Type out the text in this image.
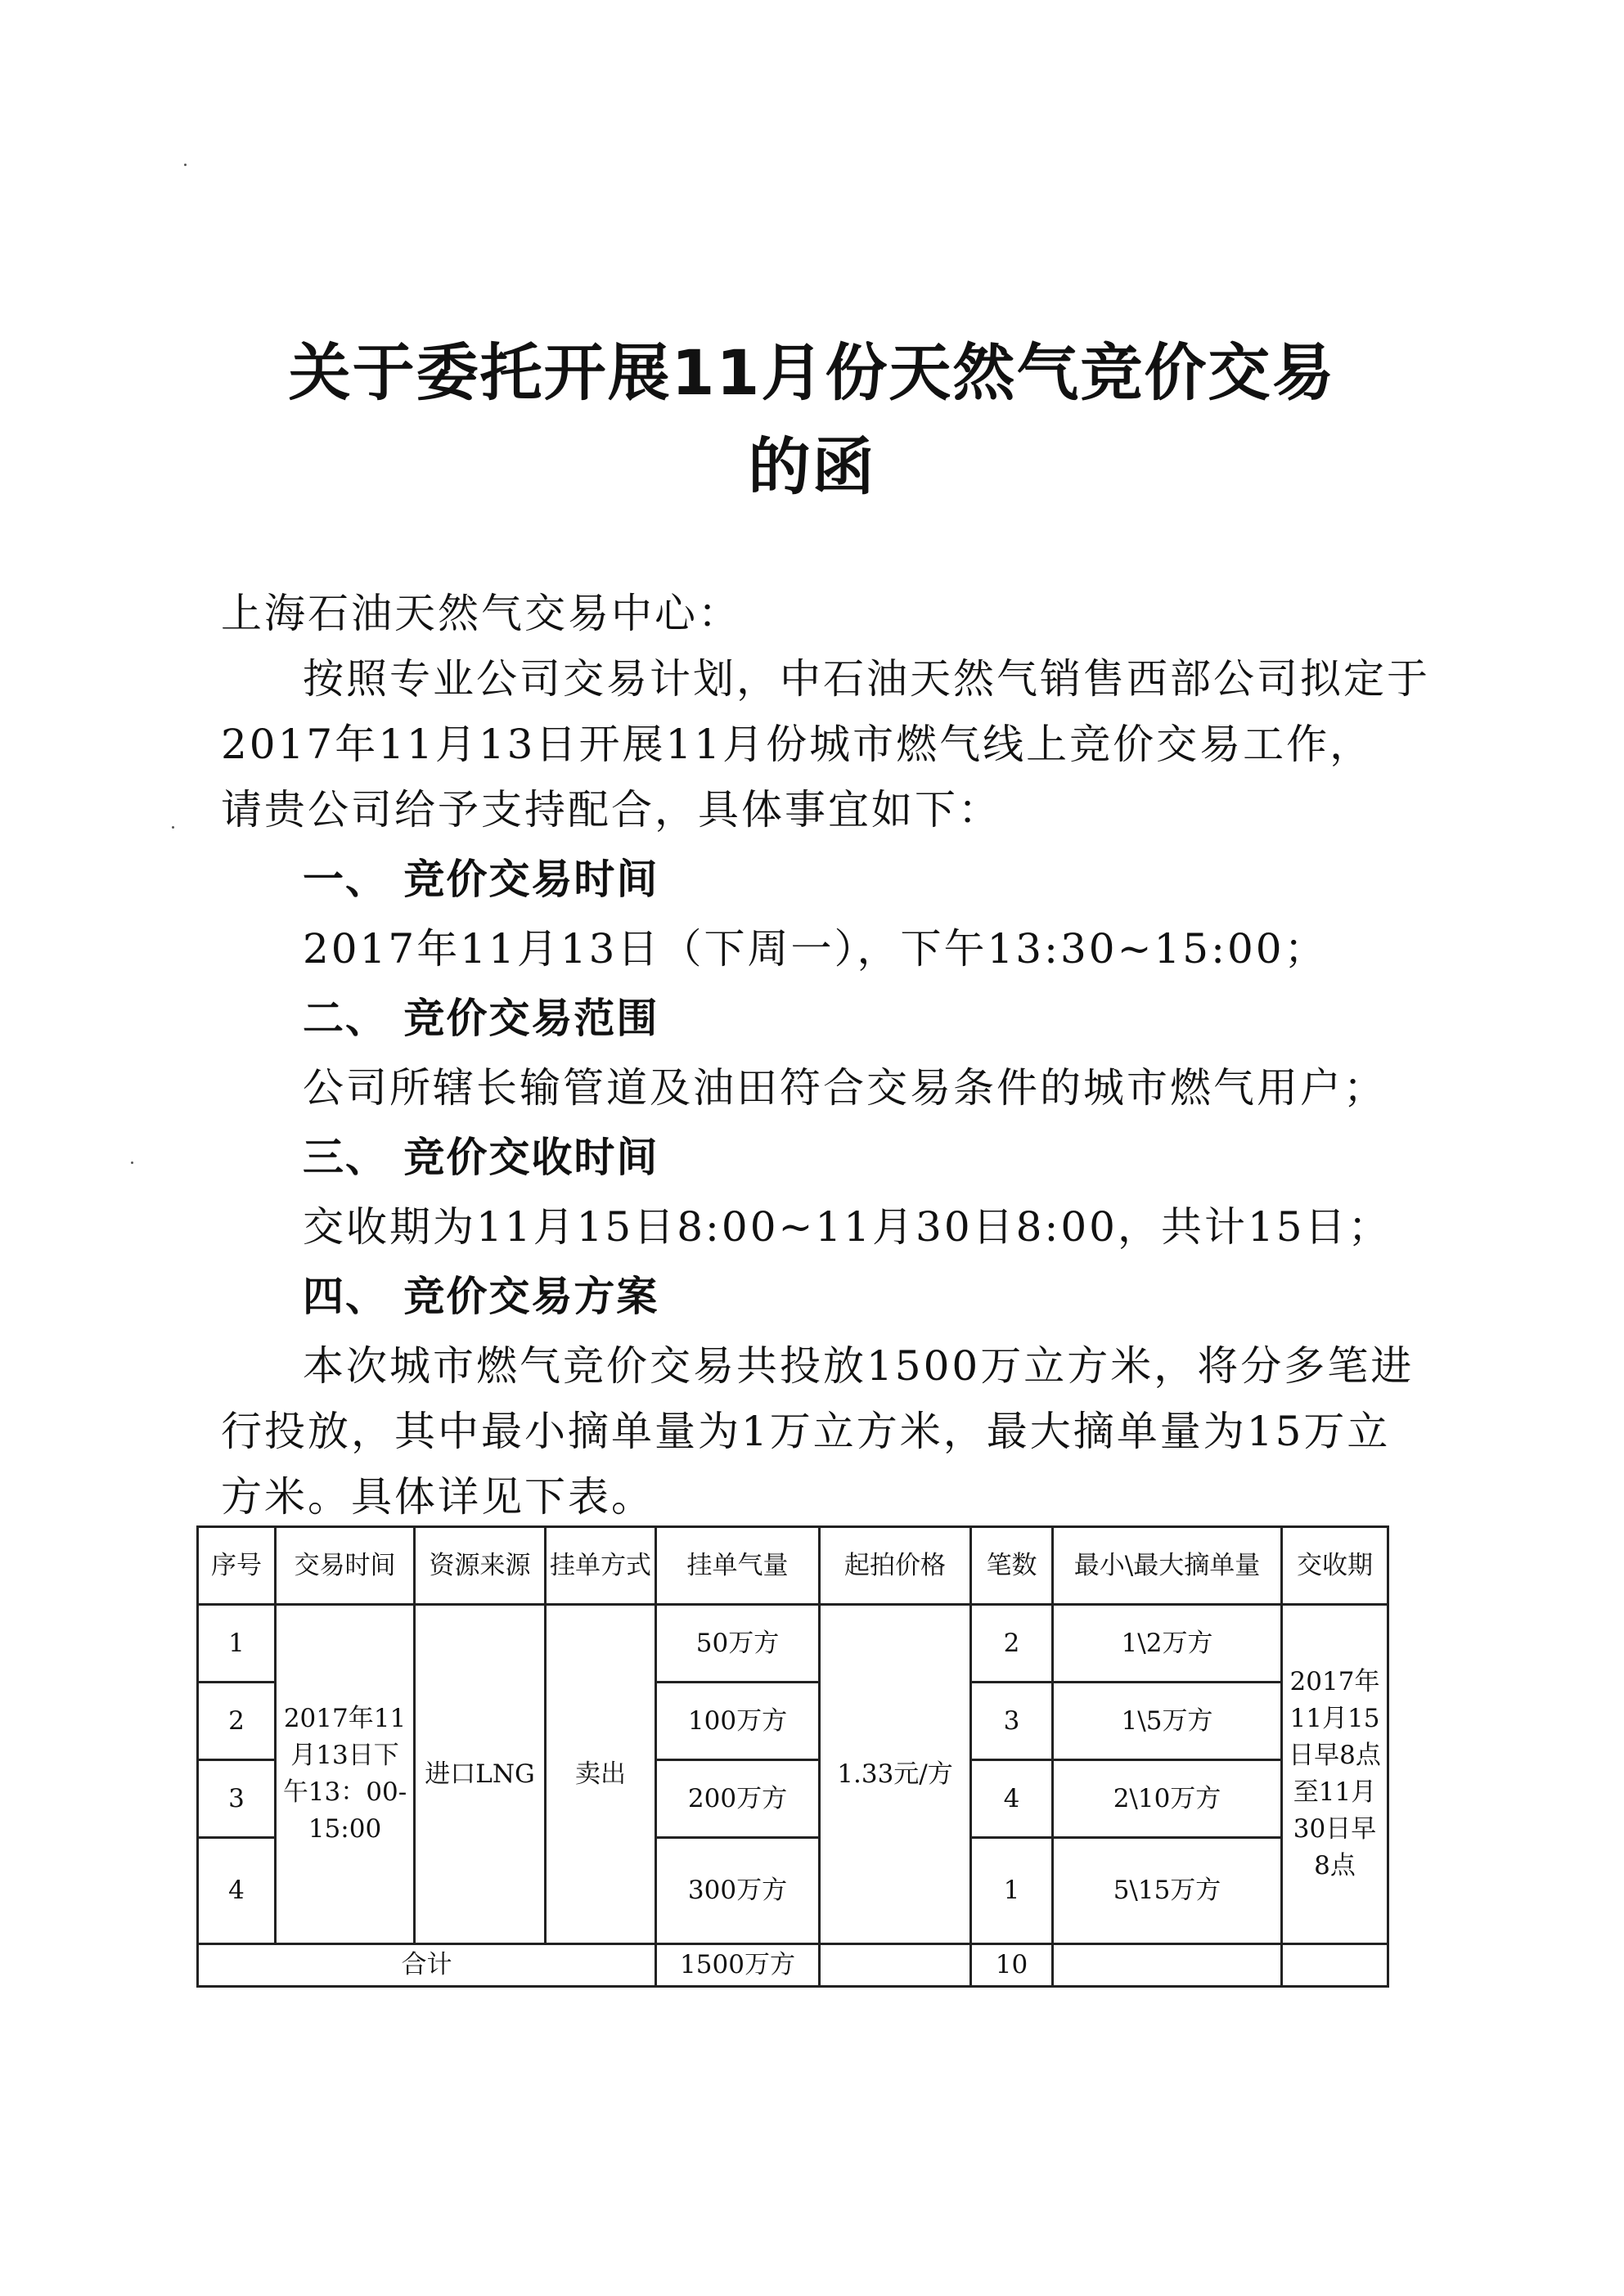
关于委托开展11月份天然气竞价交易
的函
上海石油天然气交易中心：
按照专业公司交易计划，中石油天然气销售西部公司拟定于
2017年11月13日开展11月份城市燃气线上竞价交易工作，
请贵公司给予支持配合，具体事宜如下：
一、 竞价交易时间
2017年11月13日（下周一），下午13:30~15:00；
二、 竞价交易范围
公司所辖长输管道及油田符合交易条件的城市燃气用户；
三、 竞价交收时间
交收期为11月15日8:00~11月30日8:00，共计15日；
四、 竞价交易方案
本次城市燃气竞价交易共投放1500万立方米，将分多笔进
行投放，其中最小摘单量为1万立方米，最大摘单量为15万立
方米。具体详见下表。
序号	交易时间	资源来源	挂单方式	挂单气量	起拍价格	笔数	最小\最大摘单量	交收期
1	2017年11月13日下午13：00-15:00	进口LNG	卖出	50万方	1.33元/方	2	1\2万方	2017年11月15日早8点至11月30日早8点
2				100万方		3	1\5万方	
3				200万方		4	2\10万方	
4				300万方		1	5\15万方	
合计				1500万方		10		
